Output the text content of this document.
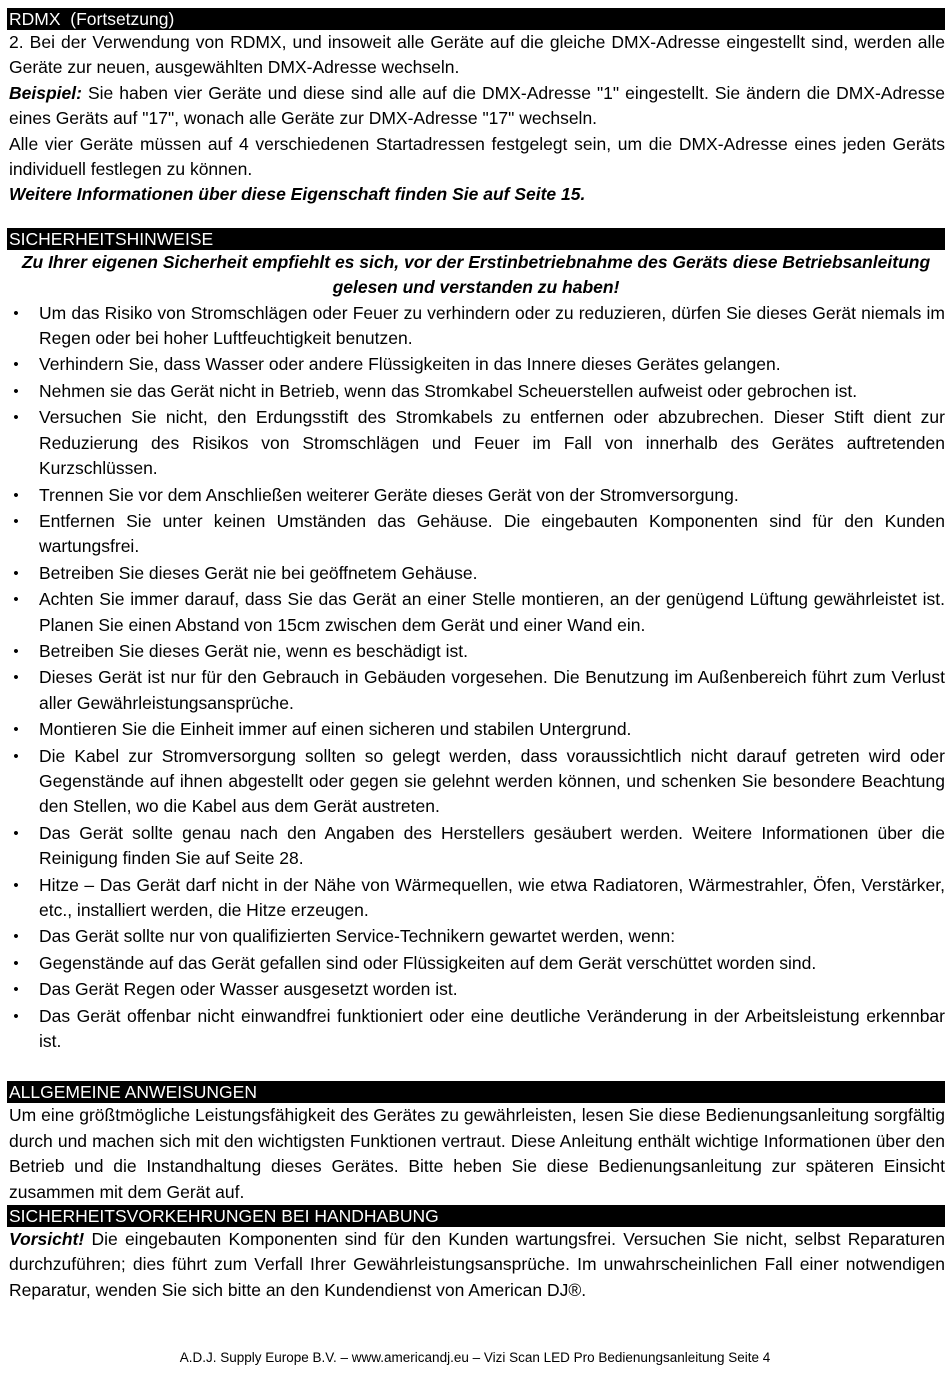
RDMX  (Fortsetzung)

2. Bei der Verwendung von RDMX, und insoweit alle Geräte auf die gleiche DMX-Adresse eingestellt sind, werden alle Geräte zur neuen, ausgewählten DMX-Adresse wechseln.

Beispiel: Sie haben vier Geräte und diese sind alle auf die DMX-Adresse "1" eingestellt. Sie ändern die DMX-Adresse eines Geräts auf "17", wonach alle Geräte zur DMX-Adresse "17" wechseln.

Alle vier Geräte müssen auf 4 verschiedenen Startadressen festgelegt sein, um die DMX-Adresse eines jeden Geräts individuell festlegen zu können.

Weitere Informationen über diese Eigenschaft finden Sie auf Seite 15.

SICHERHEITSHINWEISE

Zu Ihrer eigenen Sicherheit empfiehlt es sich, vor der Erstinbetriebnahme des Geräts diese Betriebsanleitung gelesen und verstanden zu haben!

• Um das Risiko von Stromschlägen oder Feuer zu verhindern oder zu reduzieren, dürfen Sie dieses Gerät niemals im Regen oder bei hoher Luftfeuchtigkeit benutzen.
• Verhindern Sie, dass Wasser oder andere Flüssigkeiten in das Innere dieses Gerätes gelangen.
• Nehmen sie das Gerät nicht in Betrieb, wenn das Stromkabel Scheuerstellen aufweist oder gebrochen ist.
• Versuchen Sie nicht, den Erdungsstift des Stromkabels zu entfernen oder abzubrechen. Dieser Stift dient zur Reduzierung des Risikos von Stromschlägen und Feuer im Fall von innerhalb des Gerätes auftretenden Kurzschlüssen.
• Trennen Sie vor dem Anschließen weiterer Geräte dieses Gerät von der Stromversorgung.
• Entfernen Sie unter keinen Umständen das Gehäuse. Die eingebauten Komponenten sind für den Kunden wartungsfrei.
• Betreiben Sie dieses Gerät nie bei geöffnetem Gehäuse.
• Achten Sie immer darauf, dass Sie das Gerät an einer Stelle montieren, an der genügend Lüftung gewährleistet ist. Planen Sie einen Abstand von 15cm zwischen dem Gerät und einer Wand ein.
• Betreiben Sie dieses Gerät nie, wenn es beschädigt ist.
• Dieses Gerät ist nur für den Gebrauch in Gebäuden vorgesehen. Die Benutzung im Außenbereich führt zum Verlust aller Gewährleistungsansprüche.
• Montieren Sie die Einheit immer auf einen sicheren und stabilen Untergrund.
• Die Kabel zur Stromversorgung sollten so gelegt werden, dass voraussichtlich nicht darauf getreten wird oder Gegenstände auf ihnen abgestellt oder gegen sie gelehnt werden können, und schenken Sie besondere Beachtung den Stellen, wo die Kabel aus dem Gerät austreten.
• Das Gerät sollte genau nach den Angaben des Herstellers gesäubert werden. Weitere Informationen über die Reinigung finden Sie auf Seite 28.
• Hitze – Das Gerät darf nicht in der Nähe von Wärmequellen, wie etwa Radiatoren, Wärmestrahler, Öfen, Verstärker, etc., installiert werden, die Hitze erzeugen.
• Das Gerät sollte nur von qualifizierten Service-Technikern gewartet werden, wenn:
• Gegenstände auf das Gerät gefallen sind oder Flüssigkeiten auf dem Gerät verschüttet worden sind.
• Das Gerät Regen oder Wasser ausgesetzt worden ist.
• Das Gerät offenbar nicht einwandfrei funktioniert oder eine deutliche Veränderung in der Arbeitsleistung erkennbar ist.
ALLGEMEINE ANWEISUNGEN

Um eine größtmögliche Leistungsfähigkeit des Gerätes zu gewährleisten, lesen Sie diese Bedienungsanleitung sorgfältig durch und machen sich mit den wichtigsten Funktionen vertraut. Diese Anleitung enthält wichtige Informationen über den Betrieb und die Instandhaltung dieses Gerätes. Bitte heben Sie diese Bedienungsanleitung zur späteren Einsicht zusammen mit dem Gerät auf.

SICHERHEITSVORKEHRUNGEN BEI HANDHABUNG

Vorsicht! Die eingebauten Komponenten sind für den Kunden wartungsfrei. Versuchen Sie nicht, selbst Reparaturen durchzuführen; dies führt zum Verfall Ihrer Gewährleistungsansprüche. Im unwahrscheinlichen Fall einer notwendigen Reparatur, wenden Sie sich bitte an den Kundendienst von American DJ®.

A.D.J. Supply Europe B.V. – www.americandj.eu – Vizi Scan LED Pro Bedienungsanleitung Seite 4
